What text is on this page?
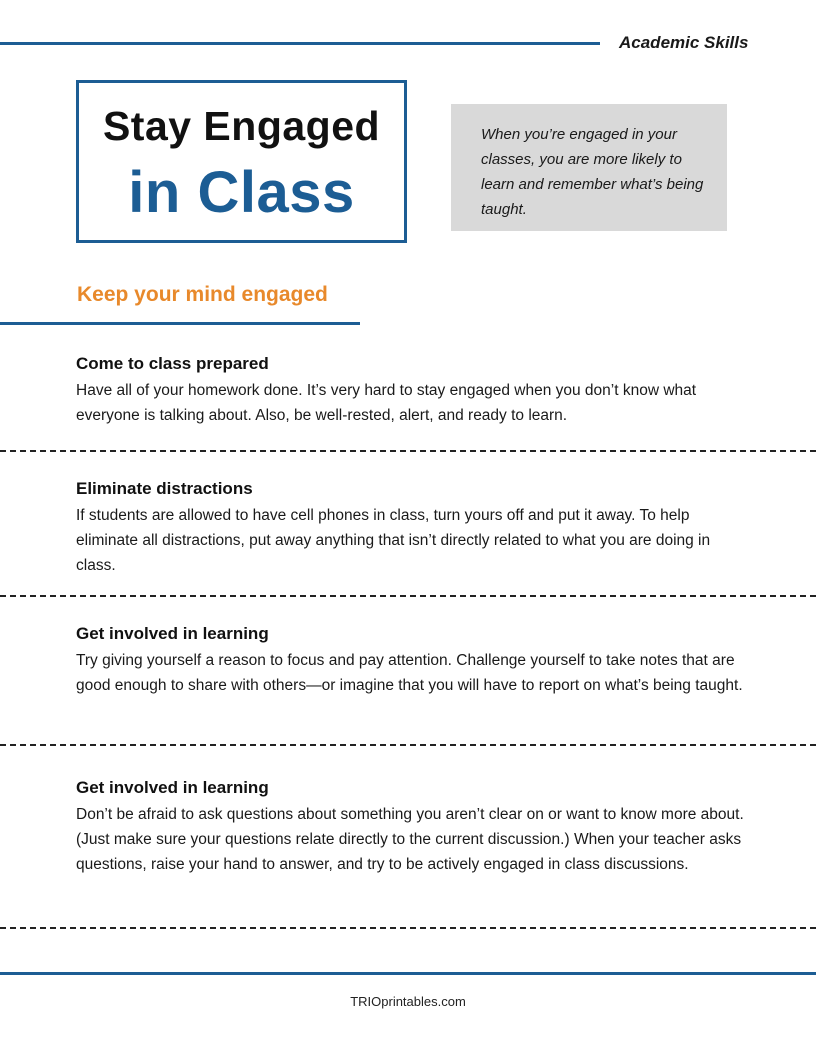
Academic Skills
Stay Engaged
in Class
When you’re engaged in your classes, you are more likely to learn and remember what’s being taught.
Keep your mind engaged
Come to class prepared

Have all of your homework done. It’s very hard to stay engaged when you don’t know what everyone is talking about. Also, be well-rested, alert, and ready to learn.

Eliminate distractions

If students are allowed to have cell phones in class, turn yours off and put it away. To help eliminate all distractions, put away anything that isn’t directly related to what you are doing in class.

Get involved in learning

Try giving yourself a reason to focus and pay attention. Challenge yourself to take notes that are good enough to share with others—or imagine that you will have to report on what’s being taught.

Get involved in learning

Don’t be afraid to ask questions about something you aren’t clear on or want to know more about. (Just make sure your questions relate directly to the current discussion.) When your teacher asks questions, raise your hand to answer, and try to be actively engaged in class discussions.

TRIOprintables.com
